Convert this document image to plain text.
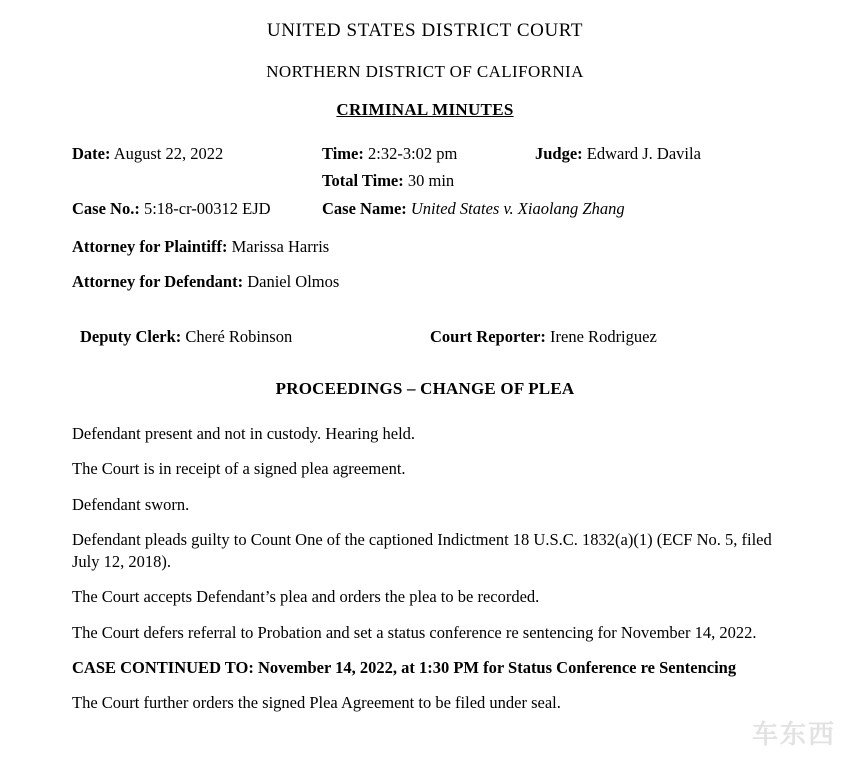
UNITED STATES DISTRICT COURT
NORTHERN DISTRICT OF CALIFORNIA
CRIMINAL MINUTES
Date: August 22, 2022	Time: 2:32-3:02 pm	Judge: Edward J. Davila
Total Time: 30 min
Case No.: 5:18-cr-00312 EJD	Case Name: United States v. Xiaolang Zhang
Attorney for Plaintiff: Marissa Harris
Attorney for Defendant: Daniel Olmos
Deputy Clerk: Cheré Robinson	Court Reporter: Irene Rodriguez
PROCEEDINGS – CHANGE OF PLEA
Defendant present and not in custody. Hearing held.
The Court is in receipt of a signed plea agreement.
Defendant sworn.
Defendant pleads guilty to Count One of the captioned Indictment 18 U.S.C. 1832(a)(1) (ECF No. 5, filed July 12, 2018).
The Court accepts Defendant’s plea and orders the plea to be recorded.
The Court defers referral to Probation and set a status conference re sentencing for November 14, 2022.
CASE CONTINUED TO: November 14, 2022, at 1:30 PM for Status Conference re Sentencing
The Court further orders the signed Plea Agreement to be filed under seal.
车东西
